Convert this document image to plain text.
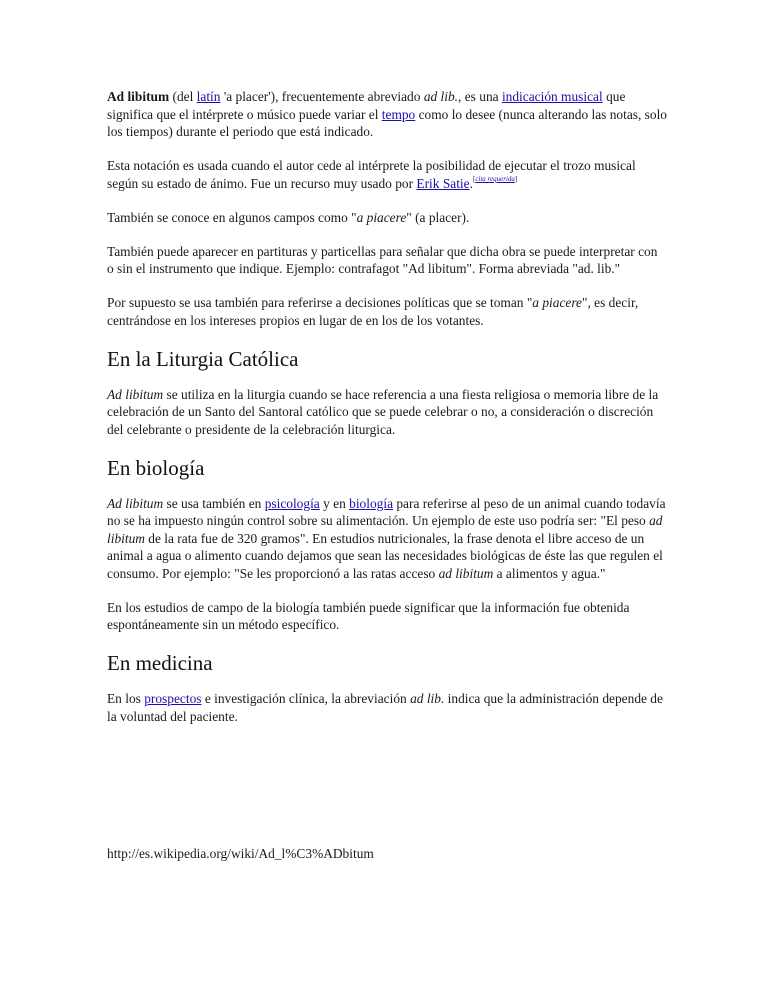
Ad libitum (del latín 'a placer'), frecuentemente abreviado ad lib., es una indicación musical que significa que el intérprete o músico puede variar el tempo como lo desee (nunca alterando las notas, solo los tiempos) durante el periodo que está indicado.

Esta notación es usada cuando el autor cede al intérprete la posibilidad de ejecutar el trozo musical según su estado de ánimo. Fue un recurso muy usado por Erik Satie.[cita requerida]

También se conoce en algunos campos como "a piacere" (a placer).

También puede aparecer en partituras y particellas para señalar que dicha obra se puede interpretar con o sin el instrumento que indique. Ejemplo: contrafagot "Ad libitum". Forma abreviada "ad. lib."

Por supuesto se usa también para referirse a decisiones políticas que se toman "a piacere", es decir, centrándose en los intereses propios en lugar de en los de los votantes.

En la Liturgia Católica

Ad libitum se utiliza en la liturgia cuando se hace referencia a una fiesta religiosa o memoria libre de la celebración de un Santo del Santoral católico que se puede celebrar o no, a consideración o discreción del celebrante o presidente de la celebración liturgica.

En biología

Ad libitum se usa también en psicología y en biología para referirse al peso de un animal cuando todavía no se ha impuesto ningún control sobre su alimentación. Un ejemplo de este uso podría ser: "El peso ad libitum de la rata fue de 320 gramos". En estudios nutricionales, la frase denota el libre acceso de un animal a agua o alimento cuando dejamos que sean las necesidades biológicas de éste las que regulen el consumo. Por ejemplo: "Se les proporcionó a las ratas acceso ad libitum a alimentos y agua."

En los estudios de campo de la biología también puede significar que la información fue obtenida espontáneamente sin un método específico.

En medicina

En los prospectos e investigación clínica, la abreviación ad lib. indica que la administración depende de la voluntad del paciente.

http://es.wikipedia.org/wiki/Ad_l%C3%ADbitum
